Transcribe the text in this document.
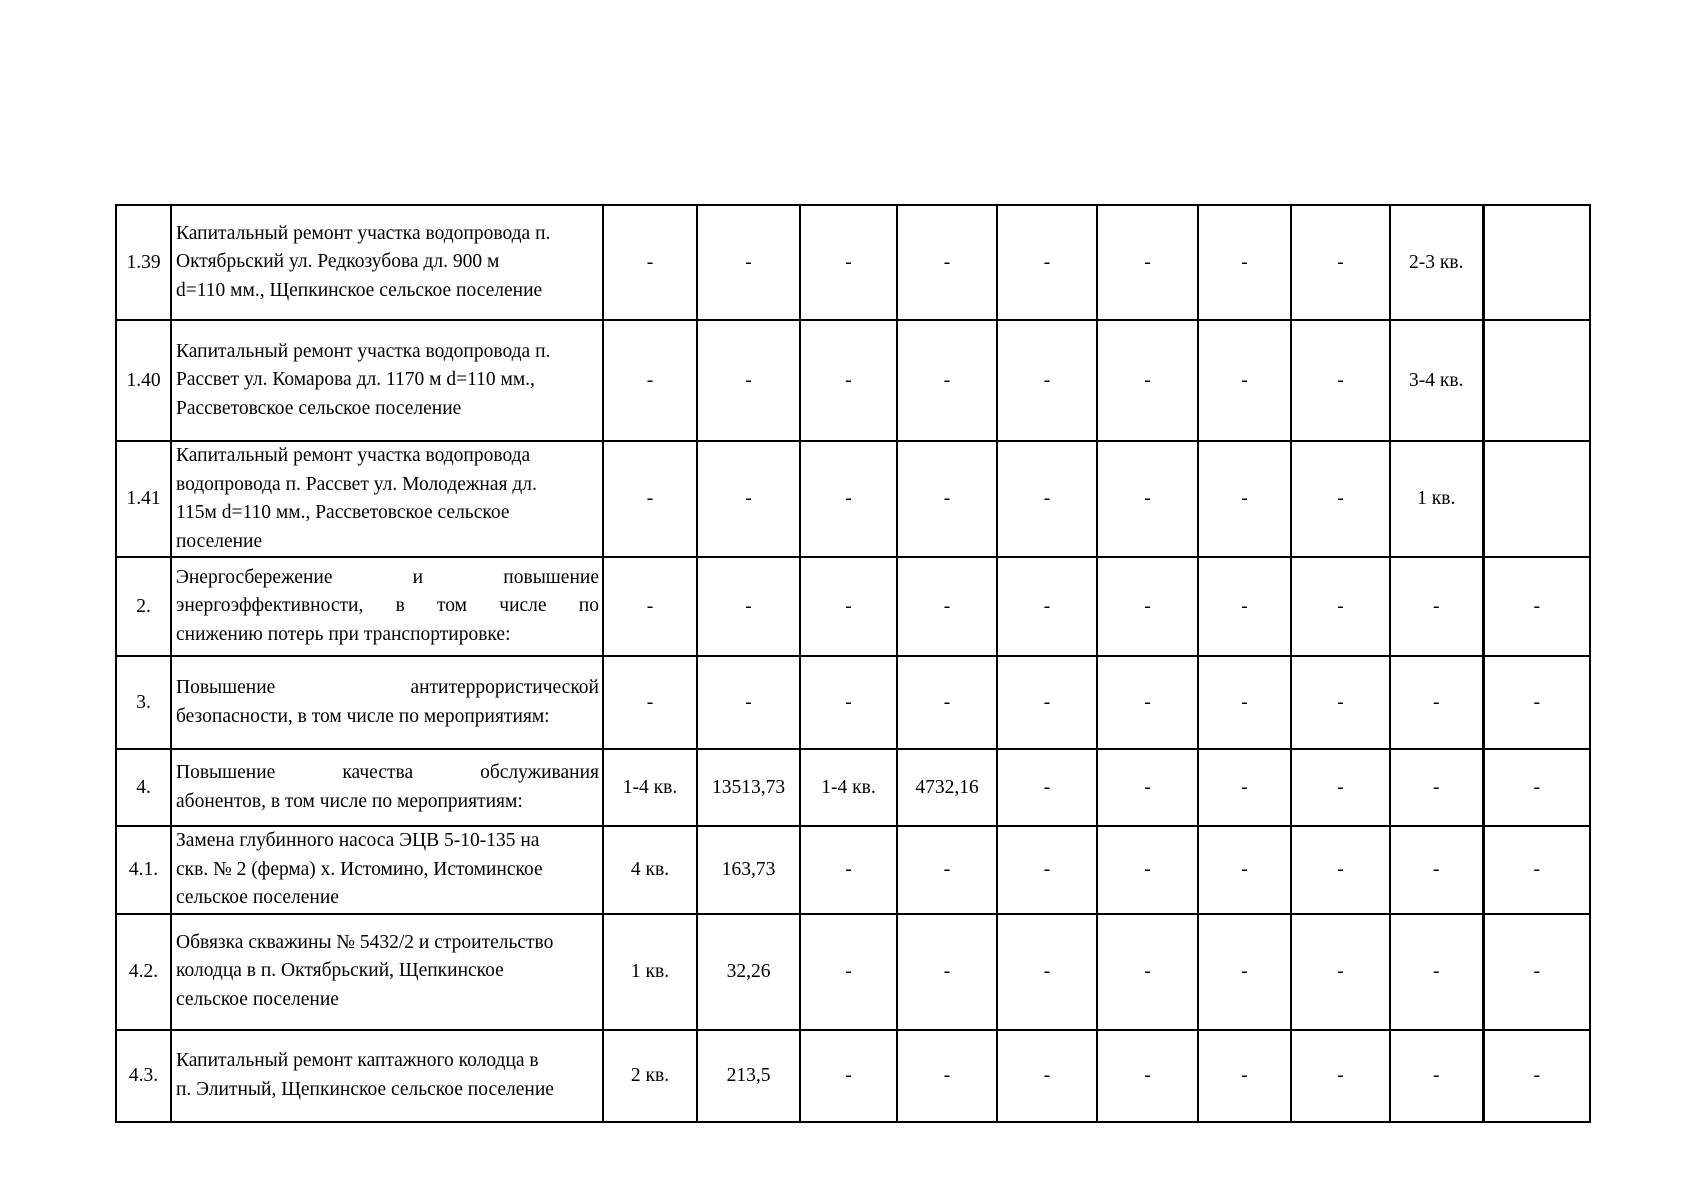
1.39	Капитальный ремонт участка водопровода п.
Октябрьский ул. Редкозубова дл. 900 м
d=110 мм., Щепкинское сельское поселение	-	-	-	-	-	-	-	-	2-3 кв.	
1.40	Капитальный ремонт участка водопровода п.
Рассвет ул. Комарова дл. 1170 м d=110 мм.,
Рассветовское сельское поселение	-	-	-	-	-	-	-	-	3-4 кв.	
1.41	Капитальный ремонт участка водопровода
водопровода п. Рассвет ул. Молодежная дл.
115м d=110 мм., Рассветовское сельское
поселение	-	-	-	-	-	-	-	-	1 кв.	
2.	Энергосбережение и повышение
энергоэффективности, в том числе по
снижению потерь при транспортировке:	-	-	-	-	-	-	-	-	-	-
3.	Повышение антитеррористической
безопасности, в том числе по мероприятиям:	-	-	-	-	-	-	-	-	-	-
4.	Повышение качества обслуживания
абонентов, в том числе по мероприятиям:	1-4 кв.	13513,73	1-4 кв.	4732,16	-	-	-	-	-	-
4.1.	Замена глубинного насоса ЭЦВ 5-10-135 на
скв. № 2 (ферма) х. Истомино, Истоминское
сельское поселение	4 кв.	163,73	-	-	-	-	-	-	-	-
4.2.	Обвязка скважины № 5432/2 и строительство
колодца в п. Октябрьский, Щепкинское
сельское поселение	1 кв.	32,26	-	-	-	-	-	-	-	-
4.3.	Капитальный ремонт каптажного колодца в
п. Элитный, Щепкинское сельское поселение	2 кв.	213,5	-	-	-	-	-	-	-	-
